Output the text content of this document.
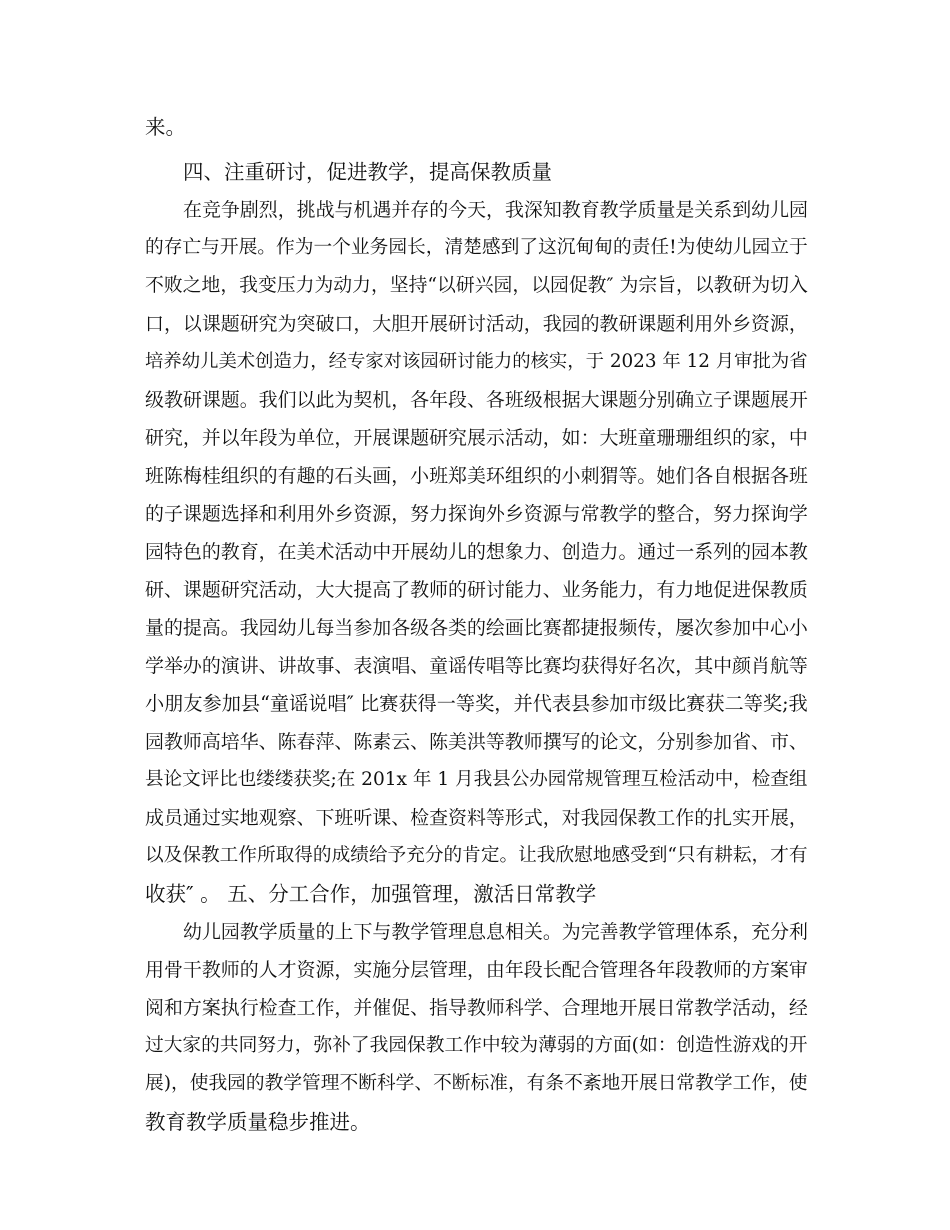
来。
四、注重研讨，促进教学，提高保教质量
在竞争剧烈，挑战与机遇并存的今天，我深知教育教学质量是关系到幼儿园
的存亡与开展。作为一个业务园长，清楚感到了这沉甸甸的责任!为使幼儿园立于
不败之地，我变压力为动力，坚持“以研兴园，以园促教″ 为宗旨，以教研为切入
口，以课题研究为突破口，大胆开展研讨活动，我园的教研课题利用外乡资源，
培养幼儿美术创造力，经专家对该园研讨能力的核实，于 2023 年 12 月审批为省
级教研课题。我们以此为契机，各年段、各班级根据大课题分别确立子课题展开
研究，并以年段为单位，开展课题研究展示活动，如：大班童珊珊组织的家，中
班陈梅桂组织的有趣的石头画，小班郑美环组织的小刺猬等。她们各自根据各班
的子课题选择和利用外乡资源，努力探询外乡资源与常教学的整合，努力探询学
园特色的教育，在美术活动中开展幼儿的想象力、创造力。通过一系列的园本教
研、课题研究活动，大大提高了教师的研讨能力、业务能力，有力地促进保教质
量的提高。我园幼儿每当参加各级各类的绘画比赛都捷报频传，屡次参加中心小
学举办的演讲、讲故事、表演唱、童谣传唱等比赛均获得好名次，其中颜肖航等
小朋友参加县“童谣说唱″ 比赛获得一等奖，并代表县参加市级比赛获二等奖;我
园教师高培华、陈春萍、陈素云、陈美洪等教师撰写的论文，分别参加省、市、
县论文评比也缕缕获奖;在 201x 年 1 月我县公办园常规管理互检活动中，检查组
成员通过实地观察、下班听课、检查资料等形式，对我园保教工作的扎实开展，
以及保教工作所取得的成绩给予充分的肯定。让我欣慰地感受到“只有耕耘，才有
收获″ 。 五、分工合作，加强管理，激活日常教学
幼儿园教学质量的上下与教学管理息息相关。为完善教学管理体系，充分利
用骨干教师的人才资源，实施分层管理，由年段长配合管理各年段教师的方案审
阅和方案执行检查工作，并催促、指导教师科学、合理地开展日常教学活动，经
过大家的共同努力，弥补了我园保教工作中较为薄弱的方面(如：创造性游戏的开
展)，使我园的教学管理不断科学、不断标准，有条不紊地开展日常教学工作，使
教育教学质量稳步推进。
